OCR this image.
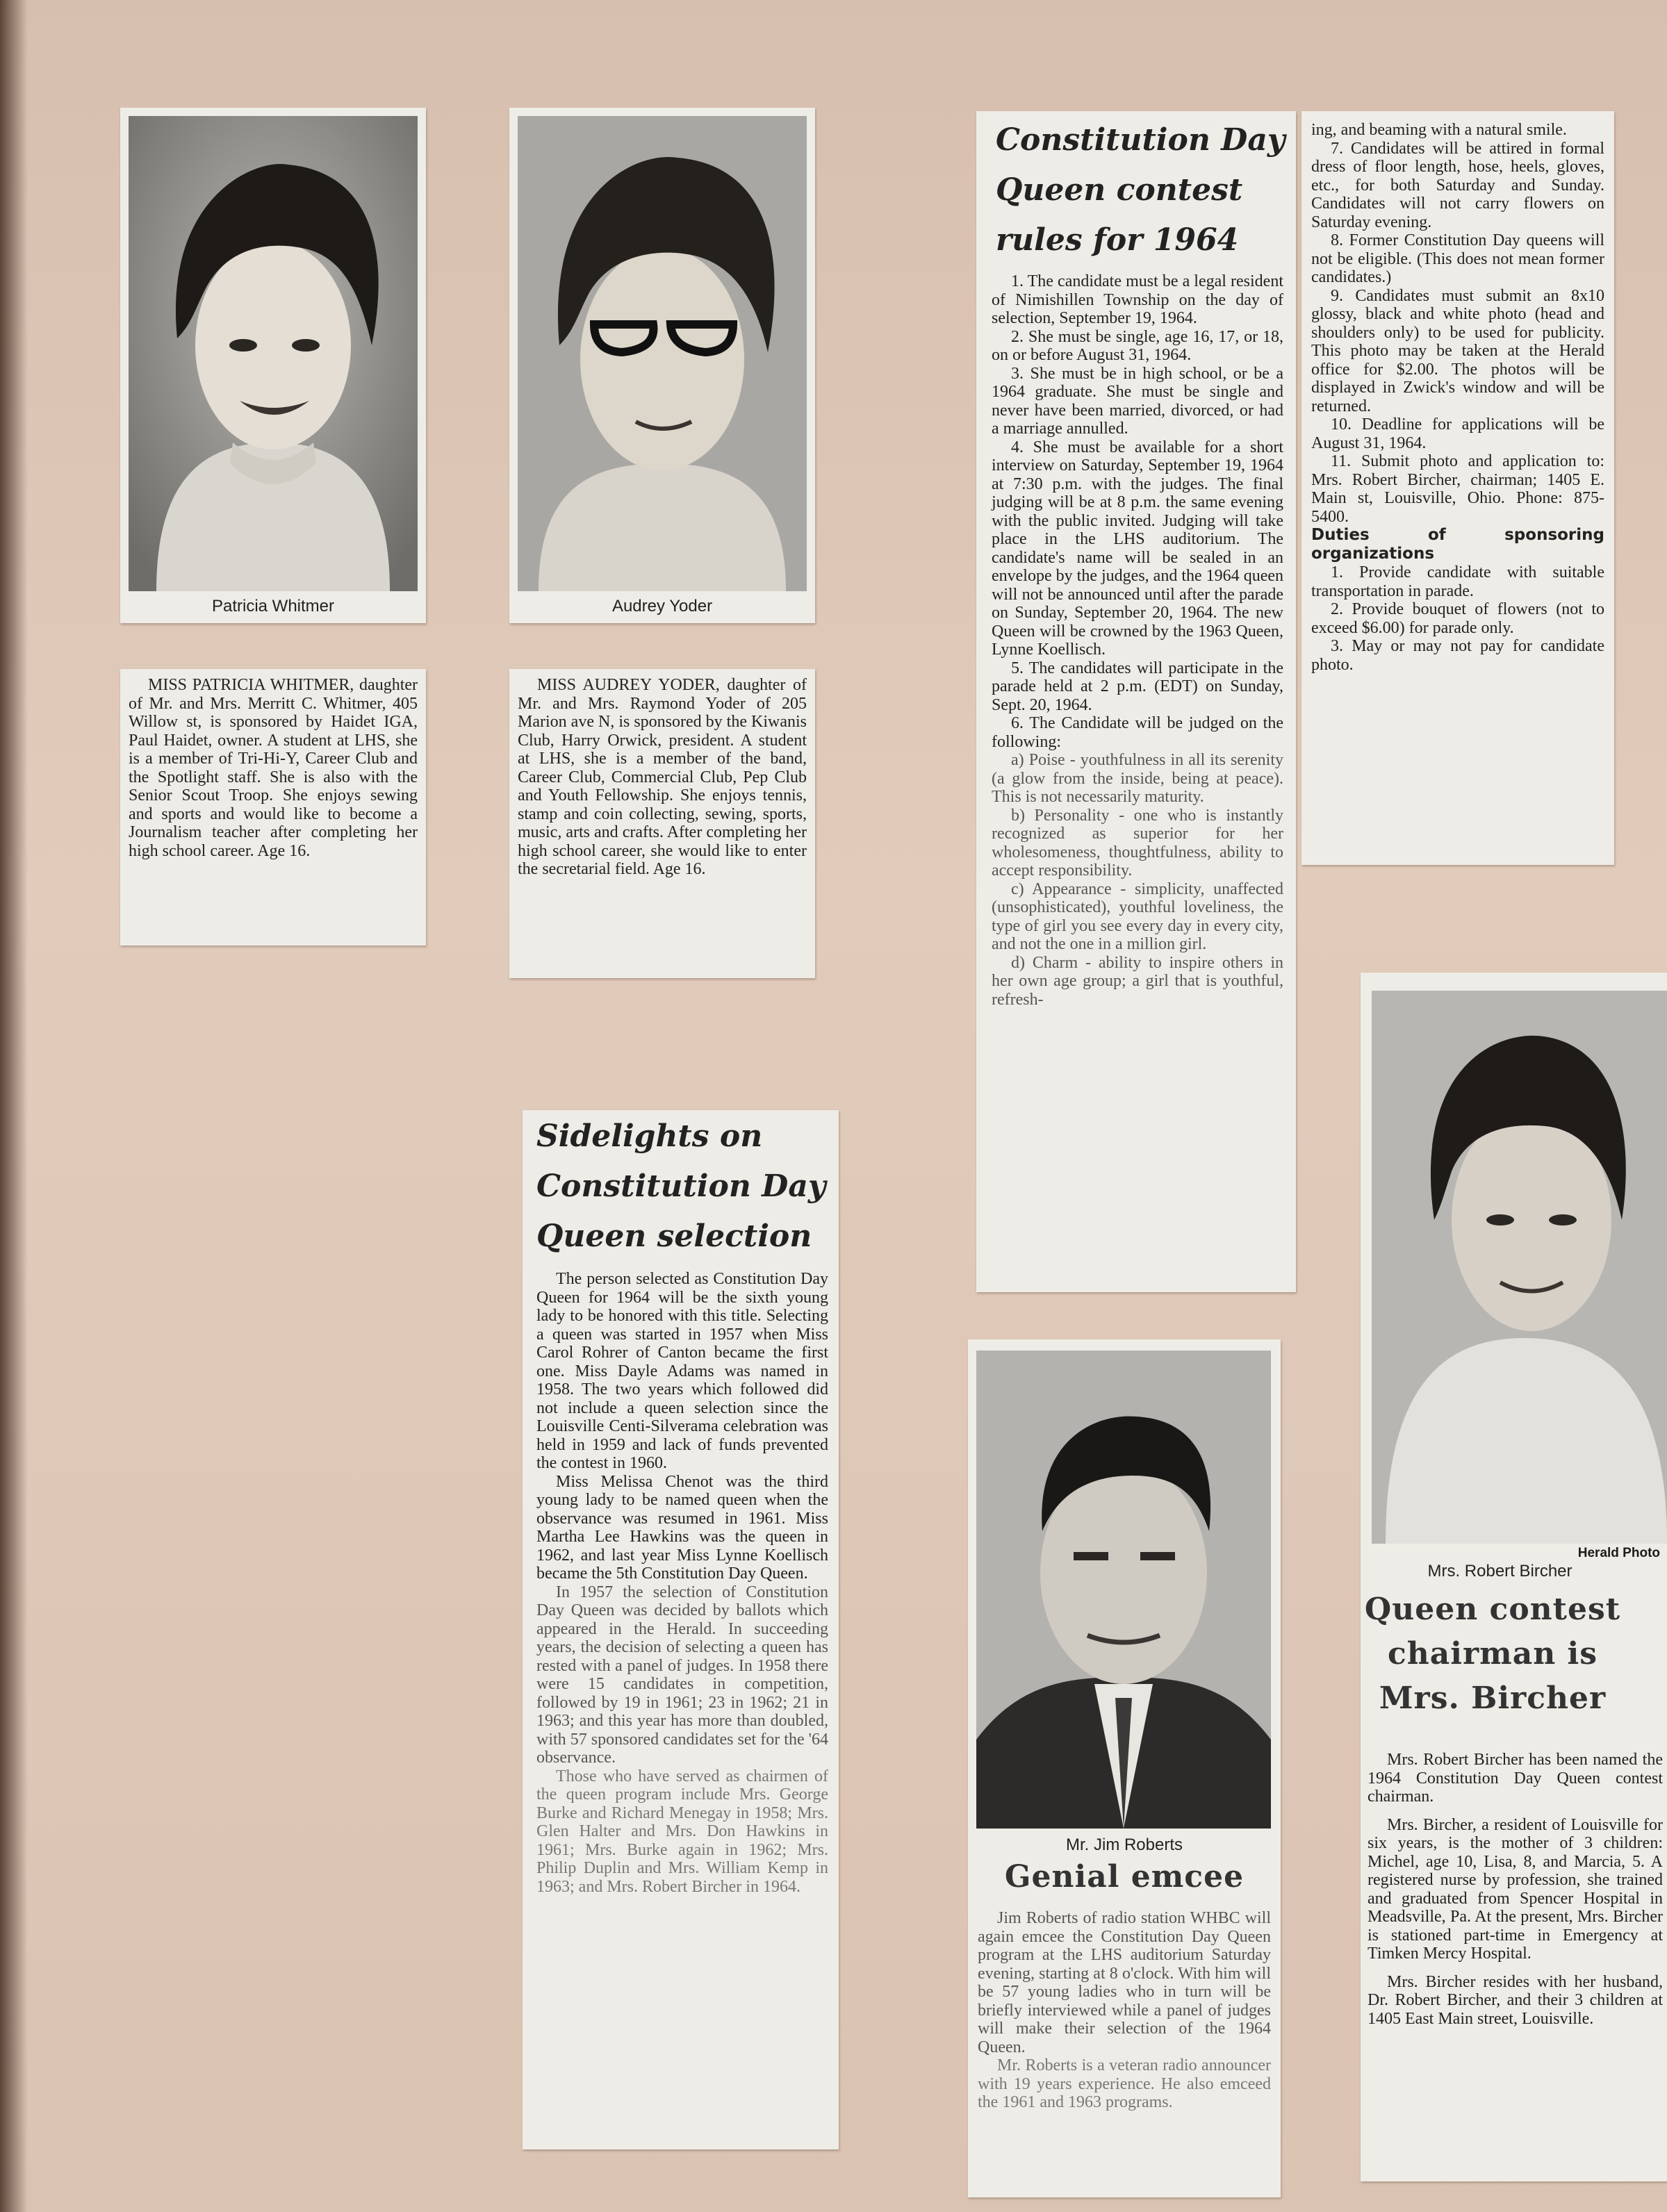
Patricia Whitmer

MISS PATRICIA WHITMER, daughter of Mr. and Mrs. Merritt C. Whitmer, 405 Willow st, is sponsored by Haidet IGA, Paul Haidet, owner. A student at LHS, she is a member of Tri-Hi-Y, Career Club and the Spotlight staff. She is also with the Senior Scout Troop. She enjoys sewing and sports and would like to become a Journalism teacher after completing her high school career. Age 16.

Audrey Yoder

MISS AUDREY YODER, daughter of Mr. and Mrs. Raymond Yoder of 205 Marion ave N, is sponsored by the Kiwanis Club, Harry Orwick, president. A student at LHS, she is a member of the band, Career Club, Commercial Club, Pep Club and Youth Fellowship. She enjoys tennis, stamp and coin collecting, sewing, sports, music, arts and crafts. After completing her high school career, she would like to enter the secretarial field. Age 16.

Constitution Day
Queen contest
rules for 1964

1. The candidate must be a legal resident of Nimishillen Township on the day of selection, September 19, 1964.

2. She must be single, age 16, 17, or 18, on or before August 31, 1964.

3. She must be in high school, or be a 1964 graduate. She must be single and never have been married, divorced, or had a marriage annulled.

4. She must be available for a short interview on Saturday, September 19, 1964 at 7:30 p.m. with the judges. The final judging will be at 8 p.m. the same evening with the public invited. Judging will take place in the LHS auditorium. The candidate's name will be sealed in an envelope by the judges, and the 1964 queen will not be announced until after the parade on Sunday, September 20, 1964. The new Queen will be crowned by the 1963 Queen, Lynne Koellisch.

5. The candidates will participate in the parade held at 2 p.m. (EDT) on Sunday, Sept. 20, 1964.

6. The Candidate will be judged on the following:

a) Poise - youthfulness in all its serenity (a glow from the inside, being at peace). This is not necessarily maturity.

b) Personality - one who is instantly recognized as superior for her wholesomeness, thoughtfulness, ability to accept responsibility.

c) Appearance - simplicity, unaffected (unsophisticated), youthful loveliness, the type of girl you see every day in every city, and not the one in a million girl.

d) Charm - ability to inspire others in her own age group; a girl that is youthful, refresh-

ing, and beaming with a natural smile.

7. Candidates will be attired in formal dress of floor length, hose, heels, gloves, etc., for both Saturday and Sunday. Candidates will not carry flowers on Saturday evening.

8. Former Constitution Day queens will not be eligible. (This does not mean former candidates.)

9. Candidates must submit an 8x10 glossy, black and white photo (head and shoulders only) to be used for publicity. This photo may be taken at the Herald office for $2.00. The photos will be displayed in Zwick's window and will be returned.

10. Deadline for applications will be August 31, 1964.

11. Submit photo and application to: Mrs. Robert Bircher, chairman; 1405 E. Main st, Louisville, Ohio. Phone: 875-5400.

Duties of sponsoring organizations

1. Provide candidate with suitable transportation in parade.

2. Provide bouquet of flowers (not to exceed $6.00) for parade only.

3. May or may not pay for candidate photo.

Sidelights on
Constitution Day
Queen selection

The person selected as Constitution Day Queen for 1964 will be the sixth young lady to be honored with this title. Selecting a queen was started in 1957 when Miss Carol Rohrer of Canton became the first one. Miss Dayle Adams was named in 1958. The two years which followed did not include a queen selection since the Louisville Centi-Silverama celebration was held in 1959 and lack of funds prevented the contest in 1960.

Miss Melissa Chenot was the third young lady to be named queen when the observance was resumed in 1961. Miss Martha Lee Hawkins was the queen in 1962, and last year Miss Lynne Koellisch became the 5th Constitution Day Queen.

In 1957 the selection of Constitution Day Queen was decided by ballots which appeared in the Herald. In succeeding years, the decision of selecting a queen has rested with a panel of judges. In 1958 there were 15 candidates in competition, followed by 19 in 1961; 23 in 1962; 21 in 1963; and this year has more than doubled, with 57 sponsored candidates set for the '64 observance.

Those who have served as chairmen of the queen program include Mrs. George Burke and Richard Menegay in 1958; Mrs. Glen Halter and Mrs. Don Hawkins in 1961; Mrs. Burke again in 1962; Mrs. Philip Duplin and Mrs. William Kemp in 1963; and Mrs. Robert Bircher in 1964.

Mr. Jim Roberts
Genial emcee

Jim Roberts of radio station WHBC will again emcee the Constitution Day Queen program at the LHS auditorium Saturday evening, starting at 8 o'clock. With him will be 57 young ladies who in turn will be briefly interviewed while a panel of judges will make their selection of the 1964 Queen.

Mr. Roberts is a veteran radio announcer with 19 years experience. He also emceed the 1961 and 1963 programs.

Herald Photo
Mrs. Robert Bircher
Queen contest
chairman is
Mrs. Bircher

Mrs. Robert Bircher has been named the 1964 Constitution Day Queen contest chairman.

Mrs. Bircher, a resident of Louisville for six years, is the mother of 3 children: Michel, age 10, Lisa, 8, and Marcia, 5. A registered nurse by profession, she trained and graduated from Spencer Hospital in Meadsville, Pa. At the present, Mrs. Bircher is stationed part-time in Emergency at Timken Mercy Hospital.

Mrs. Bircher resides with her husband, Dr. Robert Bircher, and their 3 children at 1405 East Main street, Louisville.
